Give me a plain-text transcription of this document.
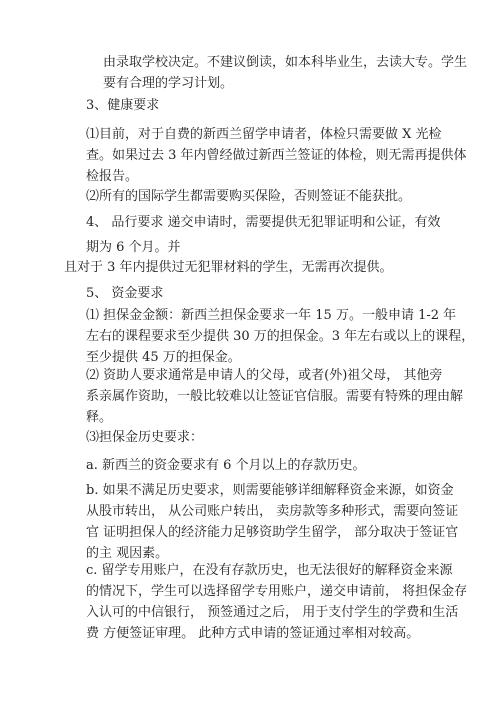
由录取学校决定。不建议倒读，如本科毕业生，去读大专。学生
要有合理的学习计划。
3、健康要求
⑴目前，对于自费的新西兰留学申请者，体检只需要做 X 光检
查。如果过去 3 年内曾经做过新西兰签证的体检，则无需再提供体
检报告。
⑵所有的国际学生都需要购买保险，否则签证不能获批。
4、 品行要求 递交申请时，需要提供无犯罪证明和公证，有效
期为 6 个月。并
且对于 3 年内提供过无犯罪材料的学生，无需再次提供。
5、 资金要求
⑴ 担保金金额：新西兰担保金要求一年 15 万。一般申请 1-2 年
左右的课程要求至少提供 30 万的担保金。3 年左右或以上的课程，
至少提供 45 万的担保金。
⑵ 资助人要求通常是申请人的父母，或者(外)祖父母， 其他旁
系亲属作资助，一般比较难以让签证官信服。需要有特殊的理由解
释。
⑶担保金历史要求：
a. 新西兰的资金要求有 6 个月以上的存款历史。
b. 如果不满足历史要求，则需要能够详细解释资金来源，如资金
从股市转出， 从公司账户转出， 卖房款等多种形式，需要向签证
官 证明担保人的经济能力足够资助学生留学， 部分取决于签证官
的主 观因素。
c. 留学专用账户，在没有存款历史，也无法很好的解释资金来源
的情况下，学生可以选择留学专用账户，递交申请前， 将担保金存
入认可的中信银行， 预签通过之后， 用于支付学生的学费和生活
费 方便签证审理。 此种方式申请的签证通过率相对较高。
